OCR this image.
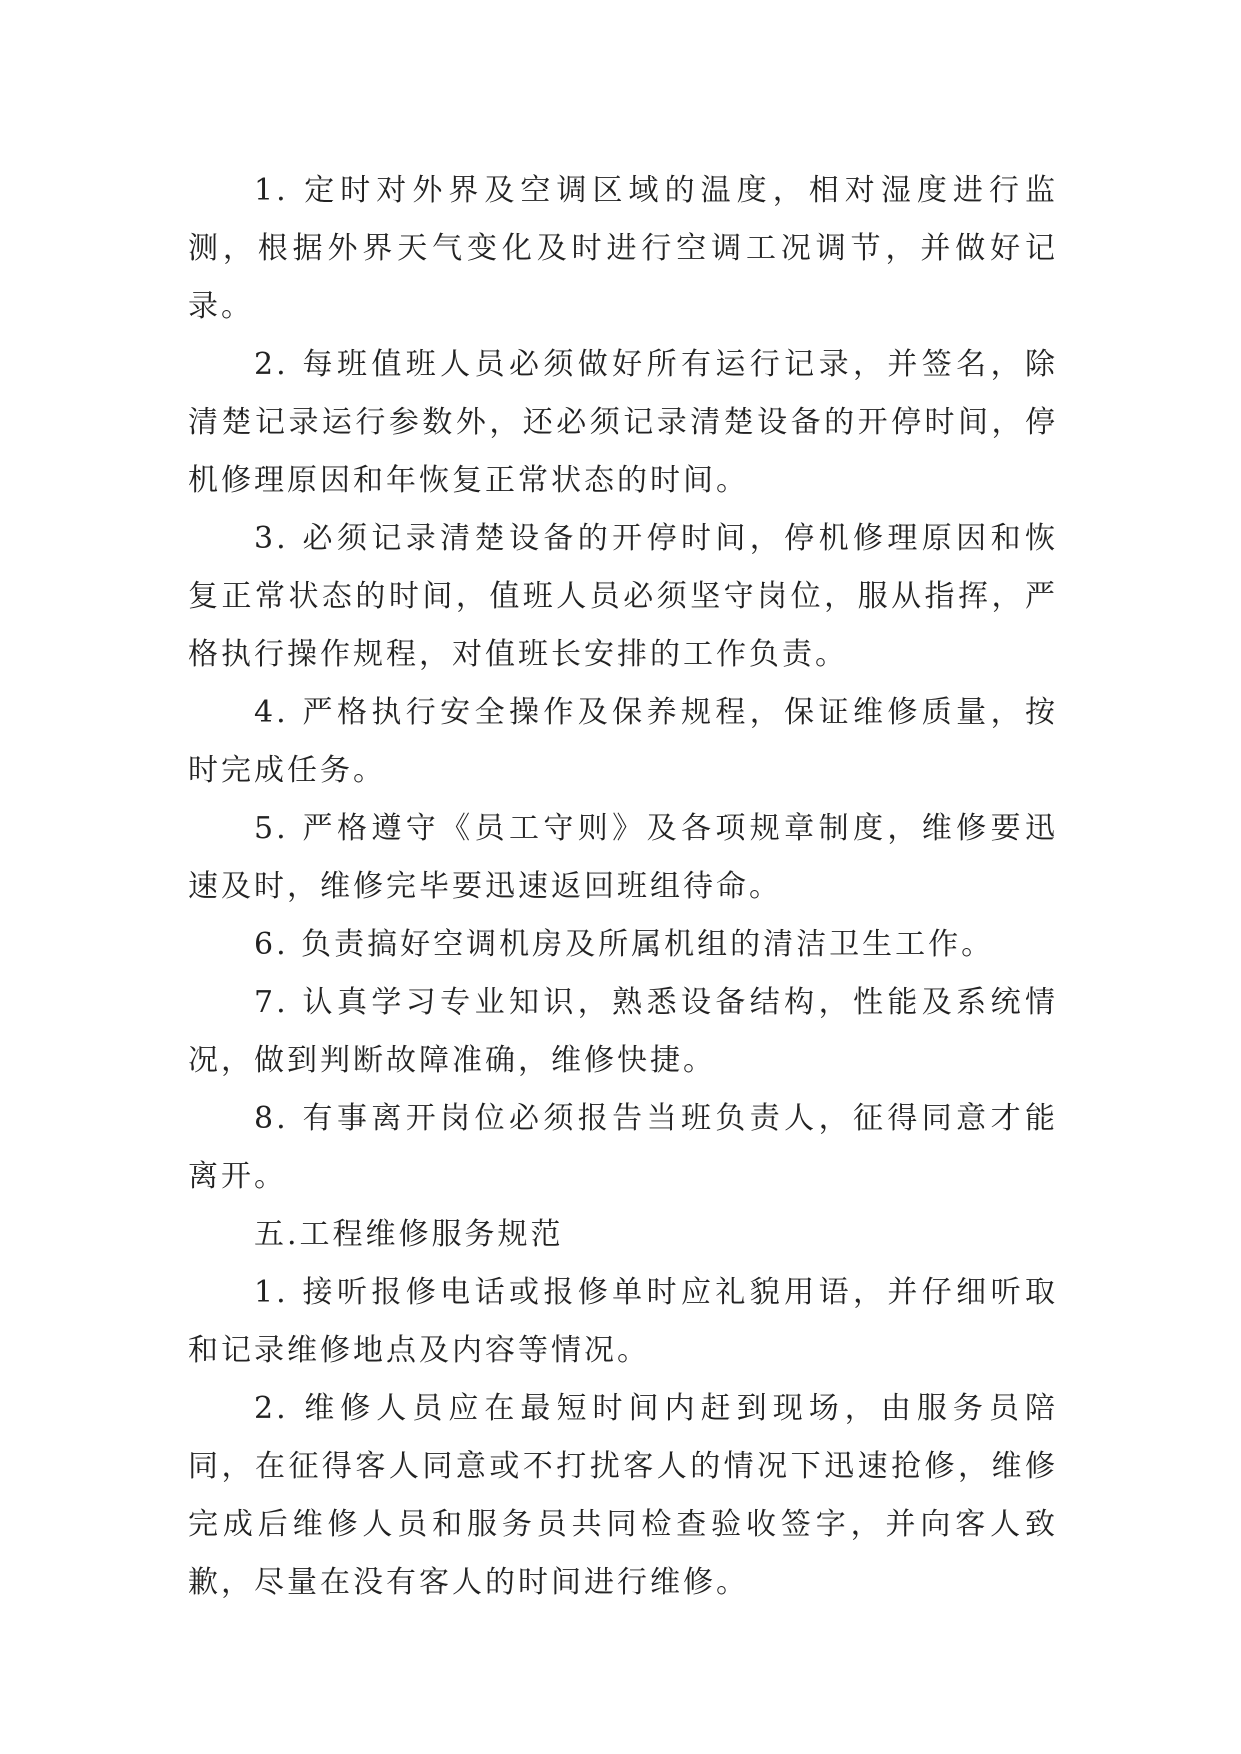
1. 定时对外界及空调区域的温度，相对湿度进行监测，根据外界天气变化及时进行空调工况调节，并做好记录。

2. 每班值班人员必须做好所有运行记录，并签名，除清楚记录运行参数外，还必须记录清楚设备的开停时间，停机修理原因和年恢复正常状态的时间。

3. 必须记录清楚设备的开停时间，停机修理原因和恢复正常状态的时间，值班人员必须坚守岗位，服从指挥，严格执行操作规程，对值班长安排的工作负责。

4. 严格执行安全操作及保养规程，保证维修质量，按时完成任务。

5. 严格遵守《员工守则》及各项规章制度，维修要迅速及时，维修完毕要迅速返回班组待命。

6. 负责搞好空调机房及所属机组的清洁卫生工作。

7. 认真学习专业知识，熟悉设备结构，性能及系统情况，做到判断故障准确，维修快捷。

8. 有事离开岗位必须报告当班负责人，征得同意才能离开。

五.工程维修服务规范

1. 接听报修电话或报修单时应礼貌用语，并仔细听取和记录维修地点及内容等情况。

2. 维修人员应在最短时间内赶到现场，由服务员陪同，在征得客人同意或不打扰客人的情况下迅速抢修，维修完成后维修人员和服务员共同检查验收签字，并向客人致歉，尽量在没有客人的时间进行维修。
